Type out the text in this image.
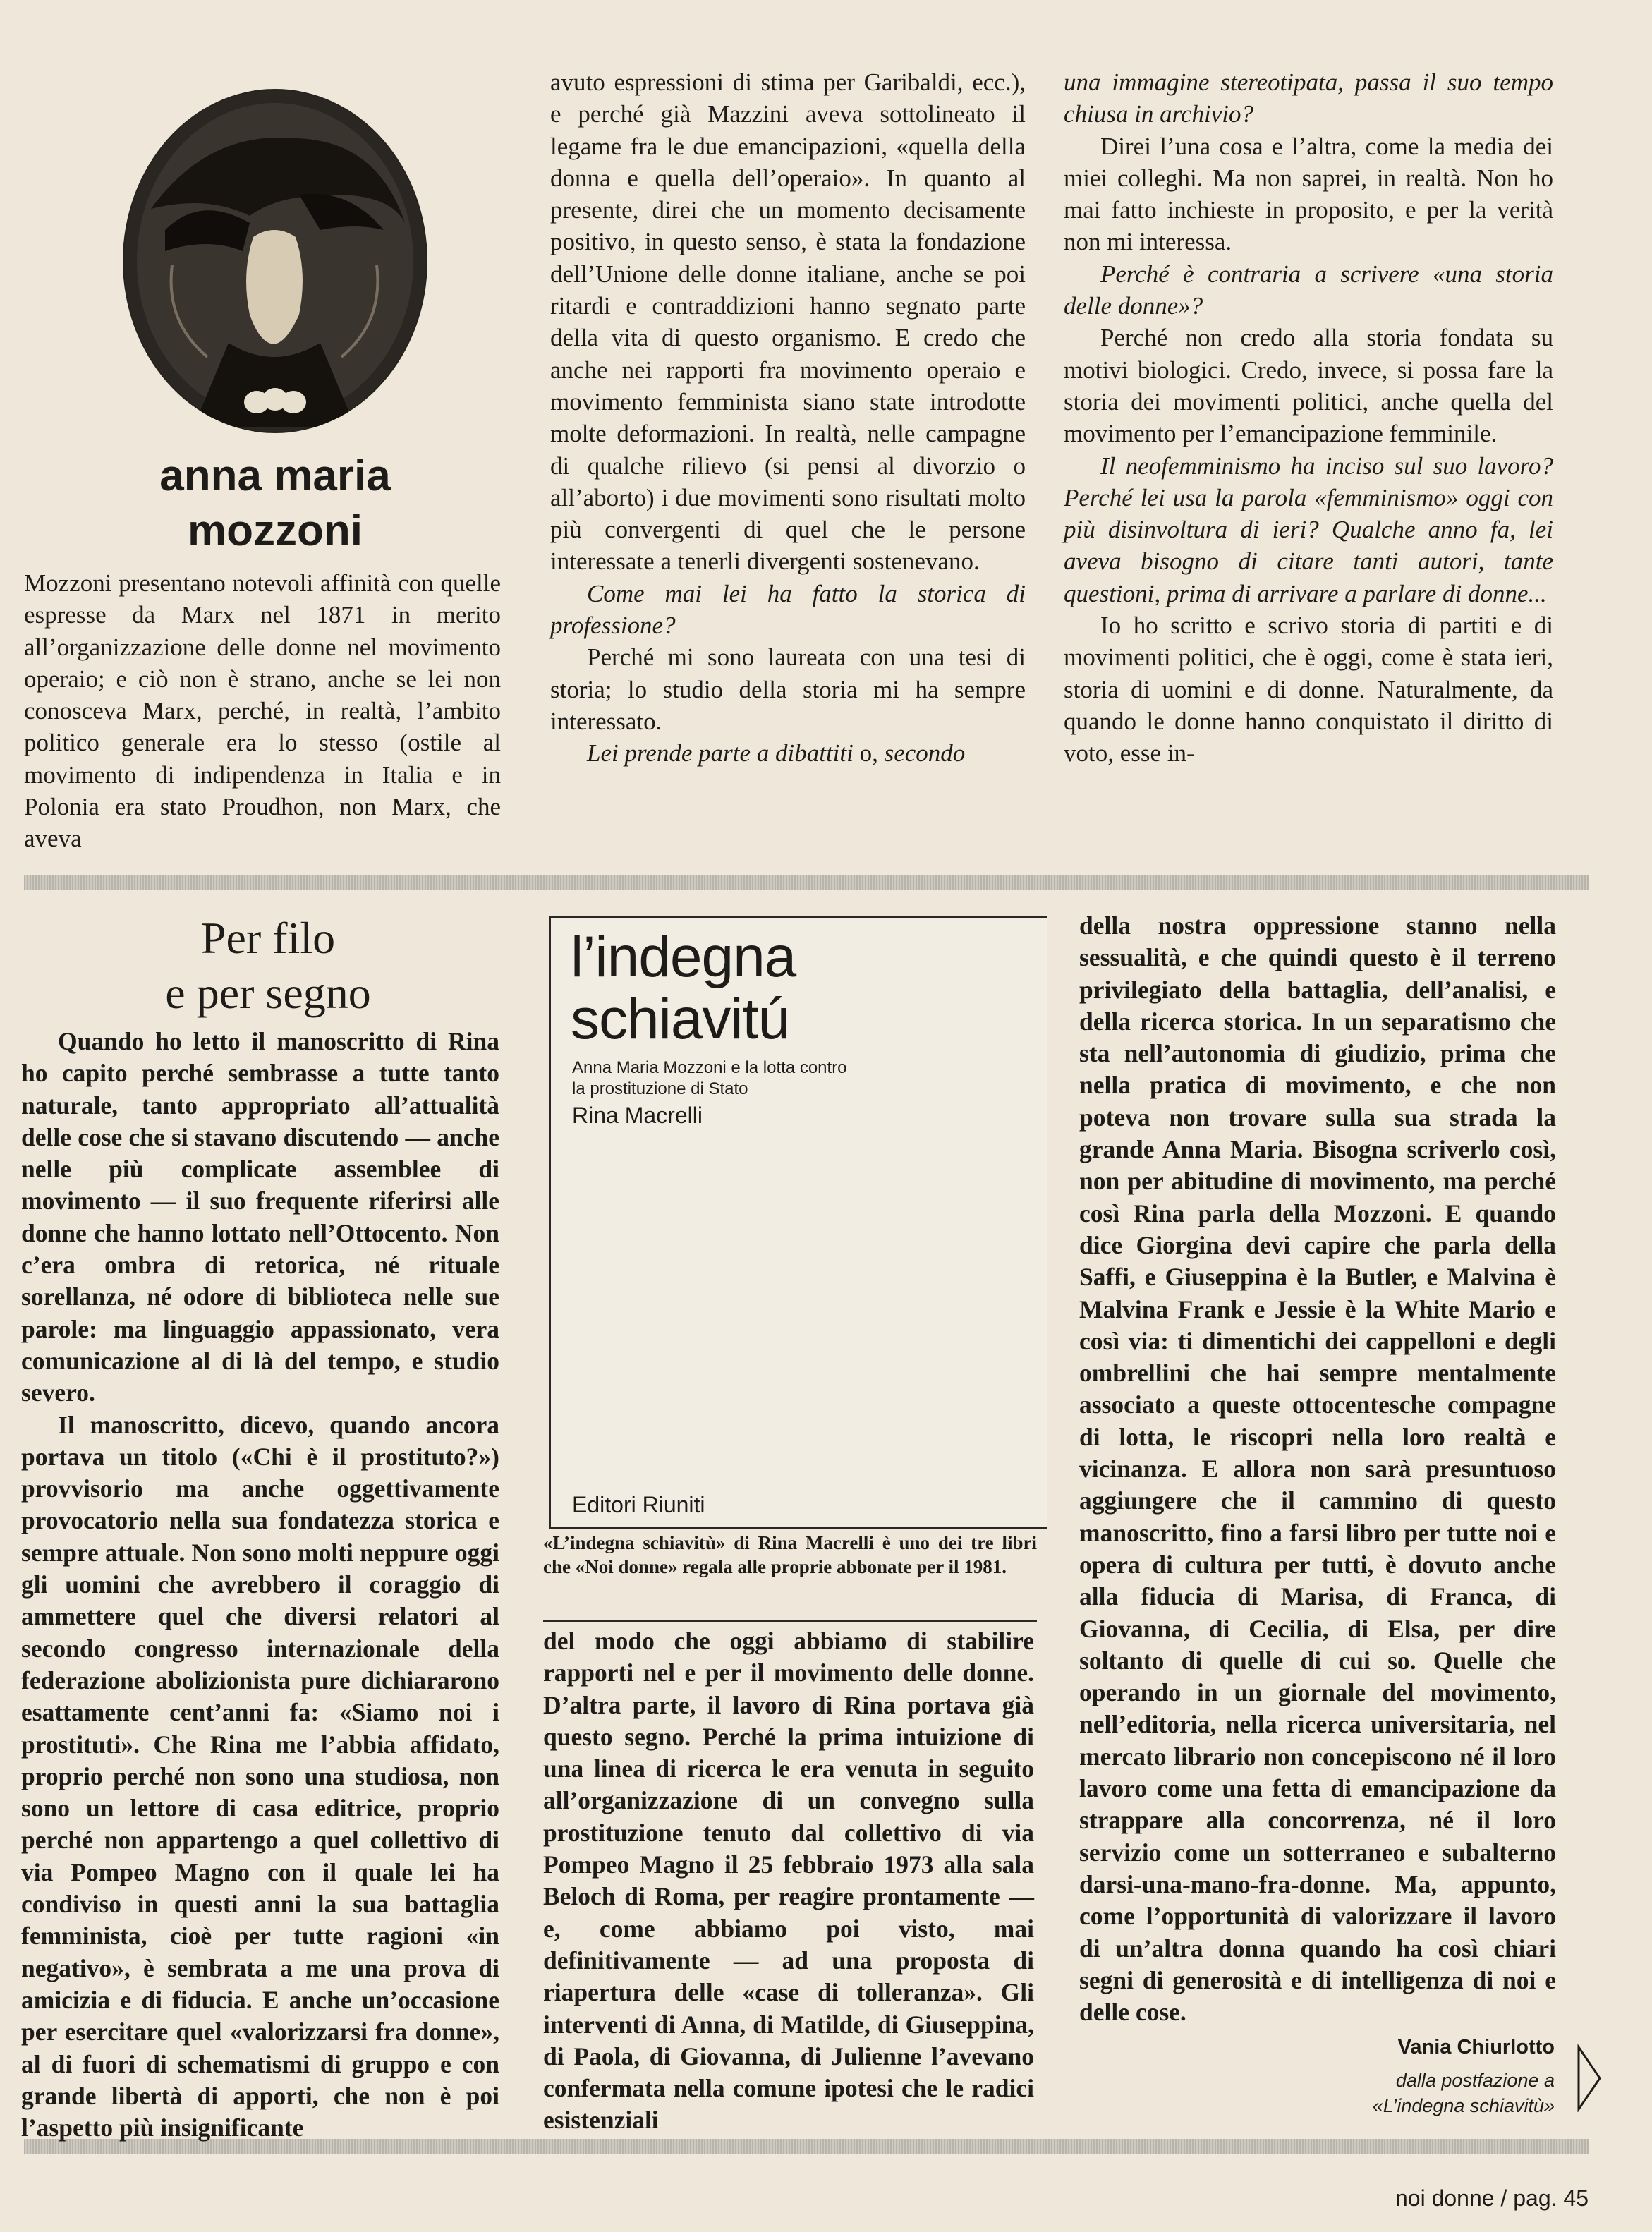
anna maria
mozzoni

Mozzoni presentano notevoli affinità con quelle espresse da Marx nel 1871 in merito all’organizzazione delle donne nel movimento operaio; e ciò non è strano, anche se lei non conosceva Marx, perché, in realtà, l’ambito politico generale era lo stesso (ostile al movimento di indipendenza in Italia e in Polonia era stato Proudhon, non Marx, che aveva

avuto espressioni di stima per Garibaldi, ecc.), e perché già Mazzini aveva sottolineato il legame fra le due emancipazioni, «quella della donna e quella dell’operaio». In quanto al presente, direi che un momento decisamente positivo, in questo senso, è stata la fondazione dell’Unione delle donne italiane, anche se poi ritardi e contraddizioni hanno segnato parte della vita di questo organismo. E credo che anche nei rapporti fra movimento operaio e movimento femminista siano state introdotte molte deformazioni. In realtà, nelle campagne di qualche rilievo (si pensi al divorzio o all’aborto) i due movimenti sono risultati molto più convergenti di quel che le persone interessate a tenerli divergenti sostenevano.

Come mai lei ha fatto la storica di professione?

Perché mi sono laureata con una tesi di storia; lo studio della storia mi ha sempre interessato.

Lei prende parte a dibattiti o, secondo

una immagine stereotipata, passa il suo tempo chiusa in archivio?

Direi l’una cosa e l’altra, come la media dei miei colleghi. Ma non saprei, in realtà. Non ho mai fatto inchieste in proposito, e per la verità non mi interessa.

Perché è contraria a scrivere «una storia delle donne»?

Perché non credo alla storia fondata su motivi biologici. Credo, invece, si possa fare la storia dei movimenti politici, anche quella del movimento per l’emancipazione femminile.

Il neofemminismo ha inciso sul suo lavoro? Perché lei usa la parola «femminismo» oggi con più disinvoltura di ieri? Qualche anno fa, lei aveva bisogno di citare tanti autori, tante questioni, prima di arrivare a parlare di donne...

Io ho scritto e scrivo storia di partiti e di movimenti politici, che è oggi, come è stata ieri, storia di uomini e di donne. Naturalmente, da quando le donne hanno conquistato il diritto di voto, esse in-

Per filo
e per segno

Quando ho letto il manoscritto di Rina ho capito perché sembrasse a tutte tanto naturale, tanto appropriato all’attualità delle cose che si stavano discutendo — anche nelle più complicate assemblee di movimento — il suo frequente riferirsi alle donne che hanno lottato nell’Ottocento. Non c’era ombra di retorica, né rituale sorellanza, né odore di biblioteca nelle sue parole: ma linguaggio appassionato, vera comunicazione al di là del tempo, e studio severo.

Il manoscritto, dicevo, quando ancora portava un titolo («Chi è il prostituto?») provvisorio ma anche oggettivamente provocatorio nella sua fondatezza storica e sempre attuale. Non sono molti neppure oggi gli uomini che avrebbero il coraggio di ammettere quel che diversi relatori al secondo congresso internazionale della federazione abolizionista pure dichiararono esattamente cent’anni fa: «Siamo noi i prostituti». Che Rina me l’abbia affidato, proprio perché non sono una studiosa, non sono un lettore di casa editrice, proprio perché non appartengo a quel collettivo di via Pompeo Magno con il quale lei ha condiviso in questi anni la sua battaglia femminista, cioè per tutte ragioni «in negativo», è sembrata a me una prova di amicizia e di fiducia. E anche un’occasione per esercitare quel «valorizzarsi fra donne», al di fuori di schematismi di gruppo e con grande libertà di apporti, che non è poi l’aspetto più insignificante

l’indegna
schiavitú
Anna Maria Mozzoni e la lotta contro
la prostituzione di Stato
Rina Macrelli
Editori Riuniti
«L’indegna schiavitù» di Rina Macrelli è uno dei tre libri che «Noi donne» regala alle proprie abbonate per il 1981.

del modo che oggi abbiamo di stabilire rapporti nel e per il movimento delle donne. D’altra parte, il lavoro di Rina portava già questo segno. Perché la prima intuizione di una linea di ricerca le era venuta in seguito all’organizzazione di un convegno sulla prostituzione tenuto dal collettivo di via Pompeo Magno il 25 febbraio 1973 alla sala Beloch di Roma, per reagire prontamente — e, come abbiamo poi visto, mai definitivamente — ad una proposta di riapertura delle «case di tolleranza». Gli interventi di Anna, di Matilde, di Giuseppina, di Paola, di Giovanna, di Julienne l’avevano confermata nella comune ipotesi che le radici esistenziali

della nostra oppressione stanno nella sessualità, e che quindi questo è il terreno privilegiato della battaglia, dell’analisi, e della ricerca storica. In un separatismo che sta nell’autonomia di giudizio, prima che nella pratica di movimento, e che non poteva non trovare sulla sua strada la grande Anna Maria. Bisogna scriverlo così, non per abitudine di movimento, ma perché così Rina parla della Mozzoni. E quando dice Giorgina devi capire che parla della Saffi, e Giuseppina è la Butler, e Malvina è Malvina Frank e Jessie è la White Mario e così via: ti dimentichi dei cappelloni e degli ombrellini che hai sempre mentalmente associato a queste ottocentesche compagne di lotta, le riscopri nella loro realtà e vicinanza. E allora non sarà presuntuoso aggiungere che il cammino di questo manoscritto, fino a farsi libro per tutte noi e opera di cultura per tutti, è dovuto anche alla fiducia di Marisa, di Franca, di Giovanna, di Cecilia, di Elsa, per dire soltanto di quelle di cui so. Quelle che operando in un giornale del movimento, nell’editoria, nella ricerca universitaria, nel mercato librario non concepiscono né il loro lavoro come una fetta di emancipazione da strappare alla concorrenza, né il loro servizio come un sotterraneo e subalterno darsi-una-mano-fra-donne. Ma, appunto, come l’opportunità di valorizzare il lavoro di un’altra donna quando ha così chiari segni di generosità e di intelligenza di noi e delle cose.

Vania Chiurlotto
dalla postfazione a
«L’indegna schiavitù»
noi donne / pag. 45
